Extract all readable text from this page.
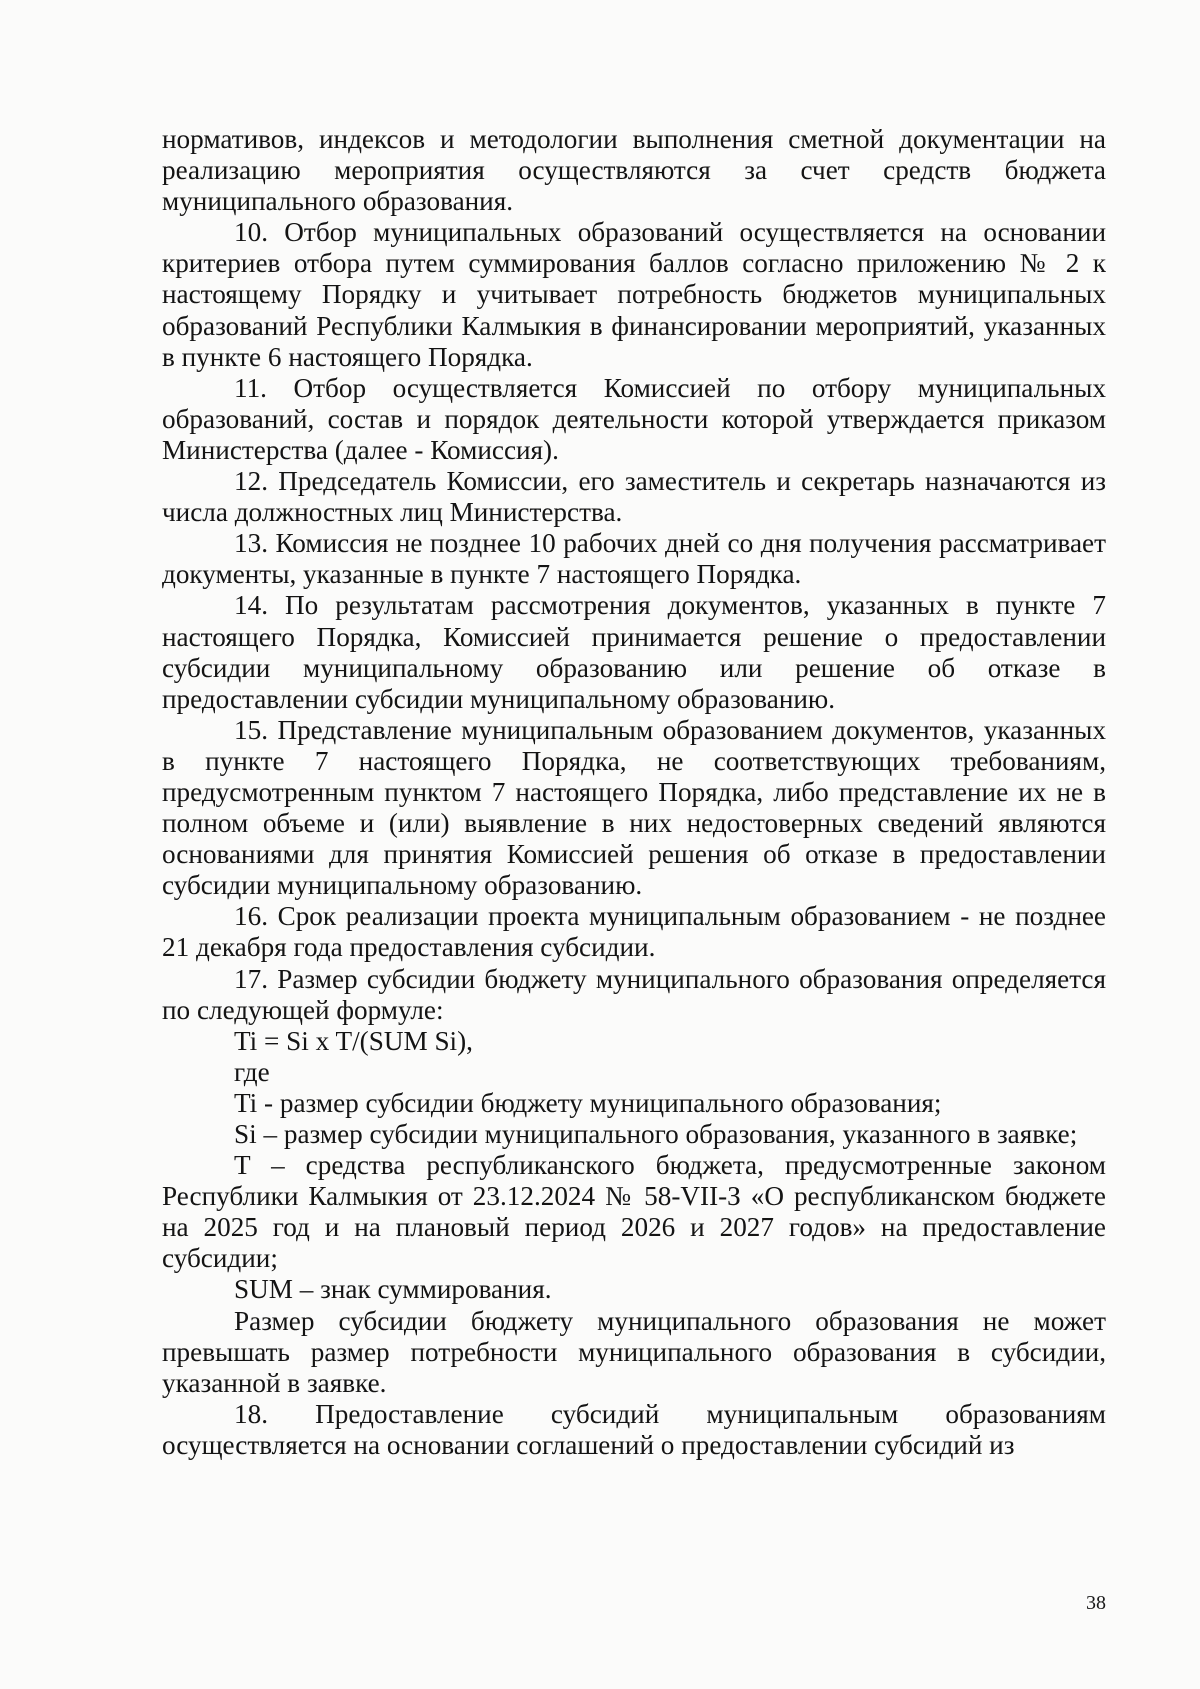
нормативов, индексов и методологии выполнения сметной документации на реализацию мероприятия осуществляются за счет средств бюджета муниципального образования.

10. Отбор муниципальных образований осуществляется на основании критериев отбора путем суммирования баллов согласно приложению № 2 к настоящему Порядку и учитывает потребность бюджетов муниципальных образований Республики Калмыкия в финансировании мероприятий, указанных в пункте 6 настоящего Порядка.

11. Отбор осуществляется Комиссией по отбору муниципальных образований, состав и порядок деятельности которой утверждается приказом Министерства (далее - Комиссия).

12. Председатель Комиссии, его заместитель и секретарь назначаются из числа должностных лиц Министерства.

13. Комиссия не позднее 10 рабочих дней со дня получения рассматривает документы, указанные в пункте 7 настоящего Порядка.

14. По результатам рассмотрения документов, указанных в пункте 7 настоящего Порядка, Комиссией принимается решение о предоставлении субсидии муниципальному образованию или решение об отказе в предоставлении субсидии муниципальному образованию.

15. Представление муниципальным образованием документов, указанных в пункте 7 настоящего Порядка, не соответствующих требованиям, предусмотренным пунктом 7 настоящего Порядка, либо представление их не в полном объеме и (или) выявление в них недостоверных сведений являются основаниями для принятия Комиссией решения об отказе в предоставлении субсидии муниципальному образованию.

16. Срок реализации проекта муниципальным образованием - не позднее 21 декабря года предоставления субсидии.

17. Размер субсидии бюджету муниципального образования определяется по следующей формуле:

Ti = Si x T/(SUM Si),

где

Ti - размер субсидии бюджету муниципального образования;

Si – размер субсидии муниципального образования, указанного в заявке;

T – средства республиканского бюджета, предусмотренные законом Республики Калмыкия от 23.12.2024 № 58-VII-З «О республиканском бюджете на 2025 год и на плановый период 2026 и 2027 годов» на предоставление субсидии;

SUM – знак суммирования.

Размер субсидии бюджету муниципального образования не может превышать размер потребности муниципального образования в субсидии, указанной в заявке.

18. Предоставление субсидий муниципальным образованиям осуществляется на основании соглашений о предоставлении субсидий из

38
